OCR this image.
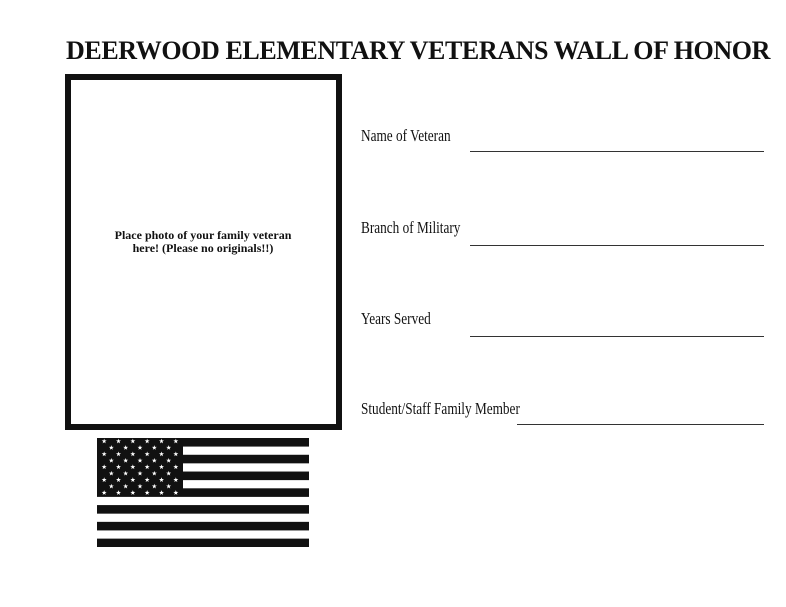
DEERWOOD ELEMENTARY VETERANS WALL OF HONOR
Place photo of your family veteran here! (Please no originals!!)
Name of Veteran
Branch of Military
Years Served
Student/Staff Family Member
